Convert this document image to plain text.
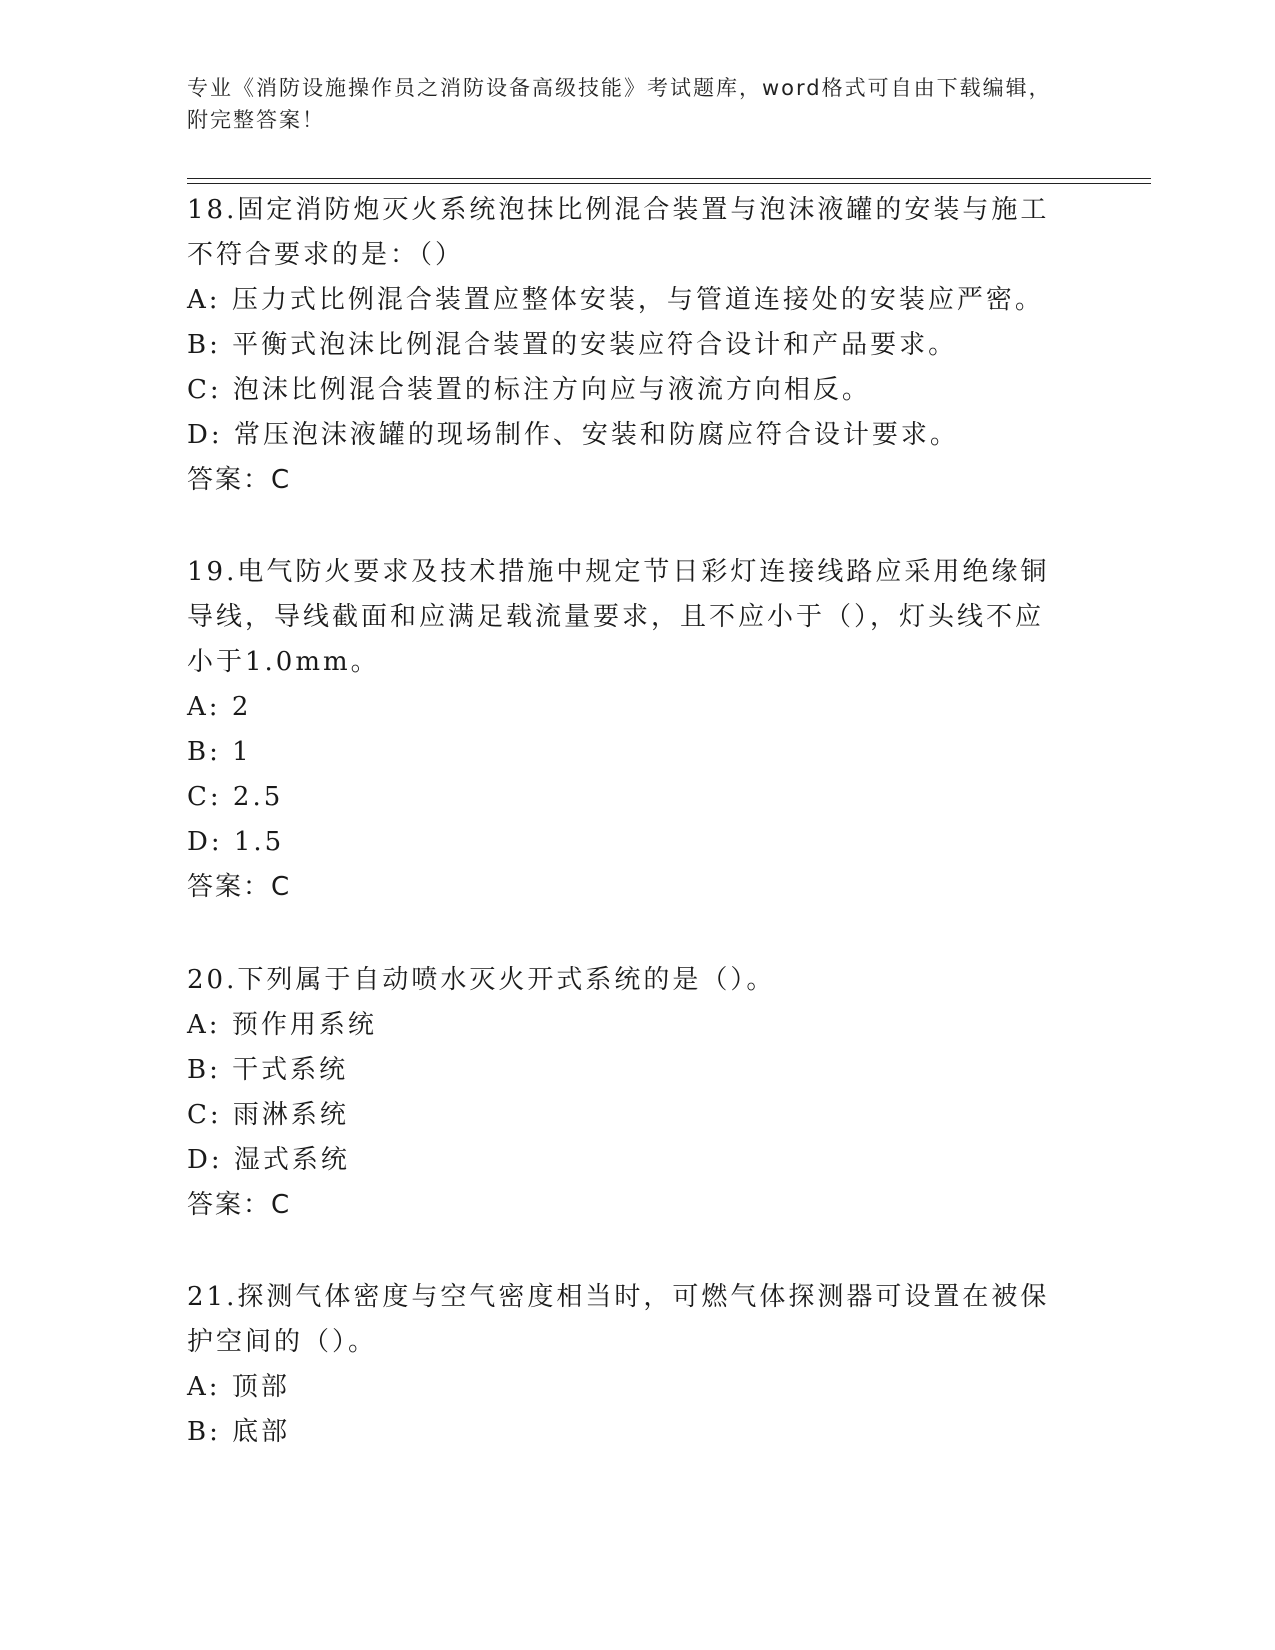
专业《消防设施操作员之消防设备高级技能》考试题库，word格式可自由下载编辑，附完整答案！

18.固定消防炮灭火系统泡抹比例混合装置与泡沫液罐的安装与施工不符合要求的是：（）

A: 压力式比例混合装置应整体安装，与管道连接处的安装应严密。

B: 平衡式泡沫比例混合装置的安装应符合设计和产品要求。

C: 泡沫比例混合装置的标注方向应与液流方向相反。

D: 常压泡沫液罐的现场制作、安装和防腐应符合设计要求。

答案：C

19.电气防火要求及技术措施中规定节日彩灯连接线路应采用绝缘铜导线，导线截面和应满足载流量要求，且不应小于（），灯头线不应小于1.0mm。

A: 2

B: 1

C: 2.5

D: 1.5

答案：C

20.下列属于自动喷水灭火开式系统的是（）。

A: 预作用系统

B: 干式系统

C: 雨淋系统

D: 湿式系统

答案：C

21.探测气体密度与空气密度相当时，可燃气体探测器可设置在被保护空间的（）。

A: 顶部

B: 底部
